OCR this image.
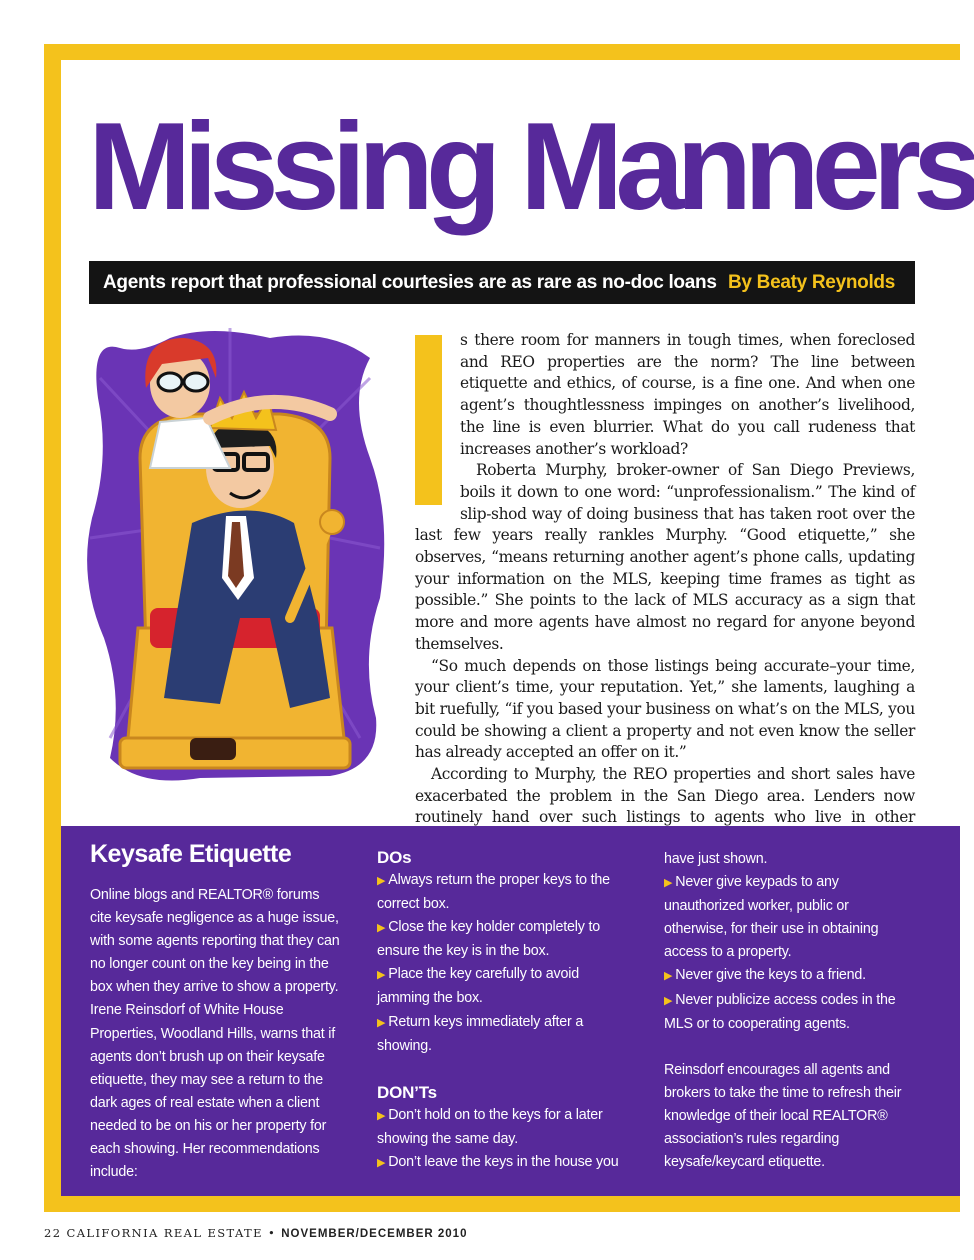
Missing Manners
Agents report that professional courtesies are as rare as no-doc loans By Beaty Reynolds

s there room for manners in tough times, when foreclosed and REO properties are the norm? The line between etiquette and ethics, of course, is a fine one. And when one agent’s thoughtlessness impinges on another’s livelihood, the line is even blurrier. What do you call rudeness that increases another’s workload?

Roberta Murphy, broker-owner of San Diego Previews, boils it down to one word: “unprofessionalism.” The kind of slip-shod way of doing business that has taken root over the last few years really rankles Murphy. “Good etiquette,” she observes, “means returning another agent’s phone calls, updating your information on the MLS, keeping time frames as tight as possible.” She points to the lack of MLS accuracy as a sign that more and more agents have almost no regard for anyone beyond themselves.

“So much depends on those listings being accurate–your time, your client’s time, your reputation. Yet,” she laments, laughing a bit ruefully, “if you based your business on what’s on the MLS, you could be showing a client a property and not even know the seller has already accepted an offer on it.”

According to Murphy, the REO properties and short sales have exacerbated the problem in the San Diego area. Lenders now routinely hand over such listings to agents who live in other

Keysafe Etiquette
Online blogs and REALTOR® forums cite keysafe negligence as a huge issue, with some agents reporting that they can no longer count on the key being in the box when they arrive to show a property. Irene Reinsdorf of White House Properties, Woodland Hills, warns that if agents don’t brush up on their keysafe etiquette, they may see a return to the dark ages of real estate when a client needed to be on his or her property for each showing. Her recommendations include:

DOs

▶ Always return the proper keys to the correct box.

▶ Close the key holder completely to ensure the key is in the box.

▶ Place the key carefully to avoid jamming the box.

▶ Return keys immediately after a showing.

DON’Ts

▶ Don’t hold on to the keys for a later showing the same day.

▶ Don’t leave the keys in the house you

have just shown.

▶ Never give keypads to any unauthorized worker, public or otherwise, for their use in obtaining access to a property.

▶ Never give the keys to a friend.

▶ Never publicize access codes in the MLS or to cooperating agents.

Reinsdorf encourages all agents and brokers to take the time to refresh their knowledge of their local REALTOR® association’s rules regarding keysafe/keycard etiquette.

22 CALIFORNIA REAL ESTATE • NOVEMBER/DECEMBER 2010
